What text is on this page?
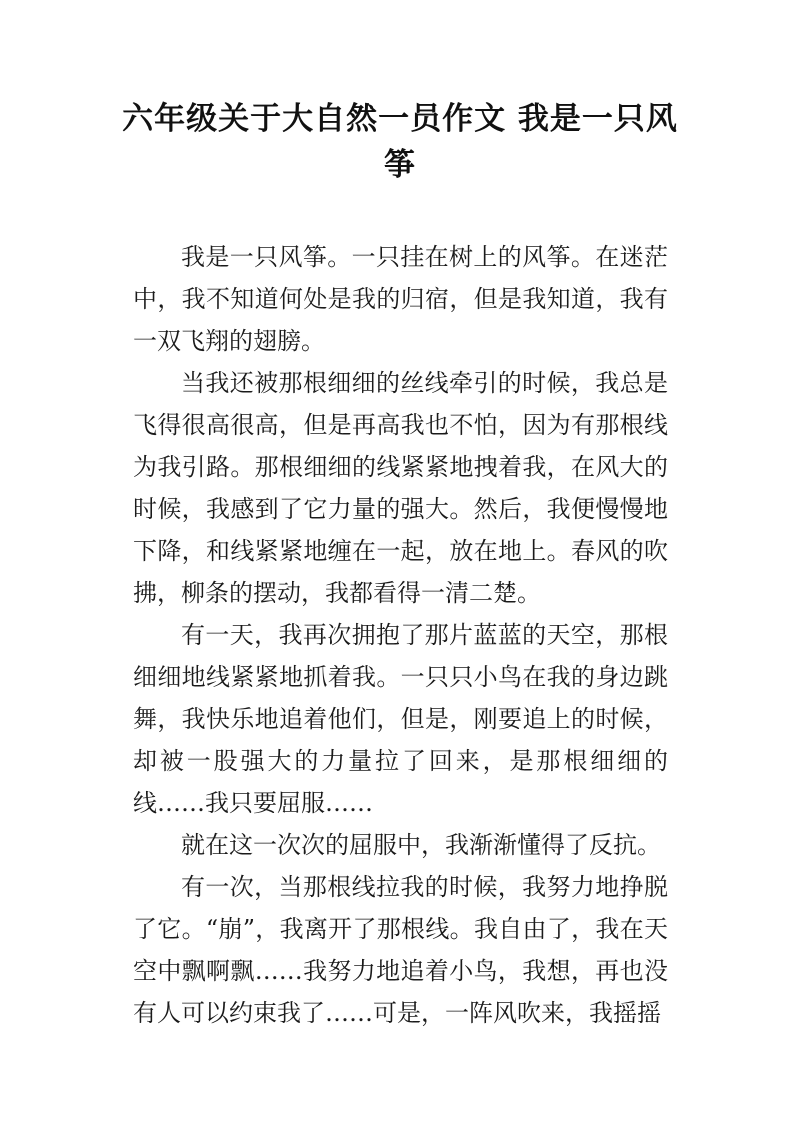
六年级关于大自然一员作文 我是一只风筝

我是一只风筝。一只挂在树上的风筝。在迷茫中，我不知道何处是我的归宿，但是我知道，我有一双飞翔的翅膀。

当我还被那根细细的丝线牵引的时候，我总是飞得很高很高，但是再高我也不怕，因为有那根线为我引路。那根细细的线紧紧地拽着我，在风大的时候，我感到了它力量的强大。然后，我便慢慢地下降，和线紧紧地缠在一起，放在地上。春风的吹拂，柳条的摆动，我都看得一清二楚。

有一天，我再次拥抱了那片蓝蓝的天空，那根细细地线紧紧地抓着我。一只只小鸟在我的身边跳舞，我快乐地追着他们，但是，刚要追上的时候，却被一股强大的力量拉了回来，是那根细细的线……我只要屈服……

就在这一次次的屈服中，我渐渐懂得了反抗。

有一次，当那根线拉我的时候，我努力地挣脱了它。“崩”，我离开了那根线。我自由了，我在天空中飘啊飘……我努力地追着小鸟，我想，再也没有人可以约束我了……可是，一阵风吹来，我摇摇
